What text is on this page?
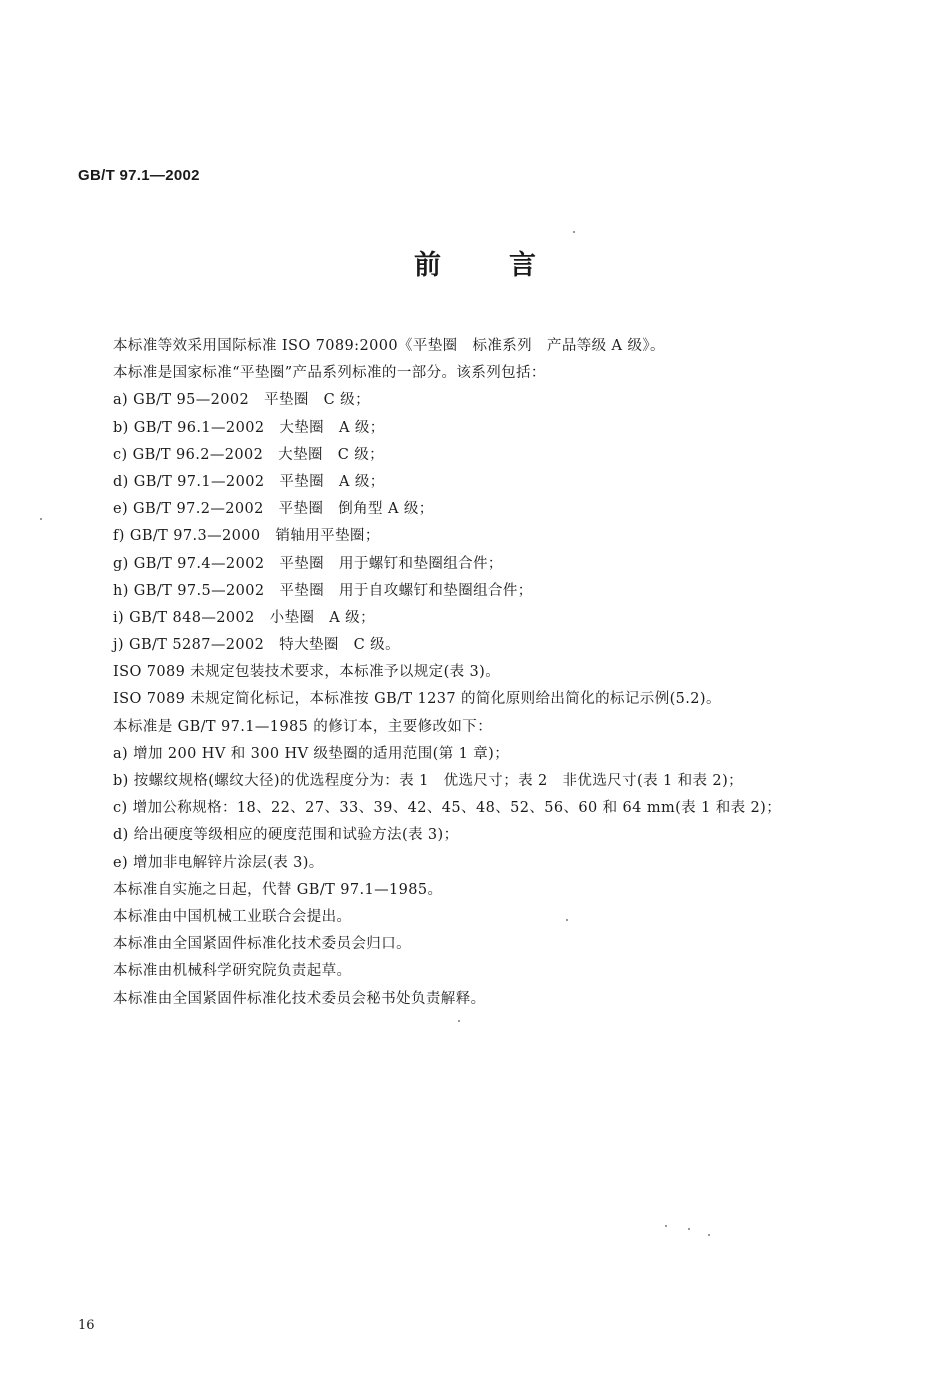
GB/T 97.1—2002
前	言
本标准等效采用国际标准 ISO 7089:2000《平垫圈　标准系列　产品等级 A 级》。
本标准是国家标准“平垫圈”产品系列标准的一部分。该系列包括：
a) GB/T 95—2002　平垫圈　C 级；
b) GB/T 96.1—2002　大垫圈　A 级；
c) GB/T 96.2—2002　大垫圈　C 级；
d) GB/T 97.1—2002　平垫圈　A 级；
e) GB/T 97.2—2002　平垫圈　倒角型 A 级；
f) GB/T 97.3—2000　销轴用平垫圈；
g) GB/T 97.4—2002　平垫圈　用于螺钉和垫圈组合件；
h) GB/T 97.5—2002　平垫圈　用于自攻螺钉和垫圈组合件；
i) GB/T 848—2002　小垫圈　A 级；
j) GB/T 5287—2002　特大垫圈　C 级。
ISO 7089 未规定包装技术要求，本标准予以规定(表 3)。
ISO 7089 未规定简化标记，本标准按 GB/T 1237 的简化原则给出简化的标记示例(5.2)。
本标准是 GB/T 97.1—1985 的修订本，主要修改如下：
a) 增加 200 HV 和 300 HV 级垫圈的适用范围(第 1 章)；
b) 按螺纹规格(螺纹大径)的优选程度分为：表 1　优选尺寸；表 2　非优选尺寸(表 1 和表 2)；
c) 增加公称规格：18、22、27、33、39、42、45、48、52、56、60 和 64 mm(表 1 和表 2)；
d) 给出硬度等级相应的硬度范围和试验方法(表 3)；
e) 增加非电解锌片涂层(表 3)。
本标准自实施之日起，代替 GB/T 97.1—1985。
本标准由中国机械工业联合会提出。
本标准由全国紧固件标准化技术委员会归口。
本标准由机械科学研究院负责起草。
本标准由全国紧固件标准化技术委员会秘书处负责解释。
16
